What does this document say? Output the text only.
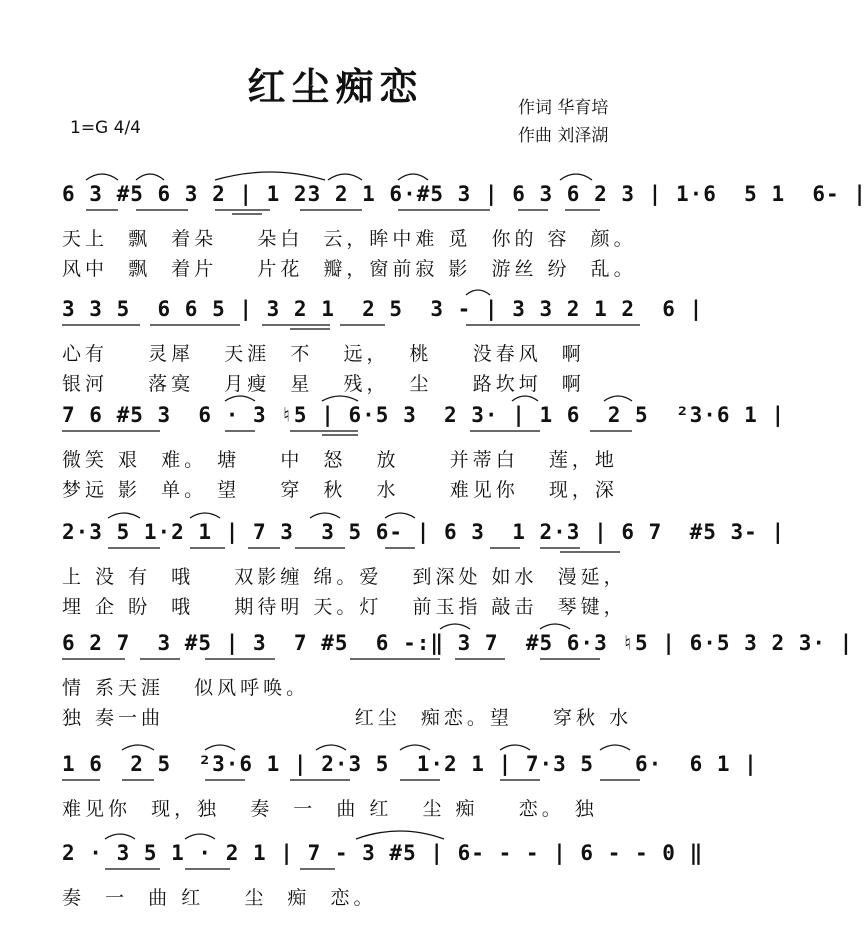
红尘痴恋
1=G 4/4
作词 华育培
作曲 刘泽湖
6 3 #5 6 3 2 | 1 23 2 1 6·#5 3 | 6 3 6 2 3 | 1·6  5 1  6- |
天上  飘  着朵    朵白  云，眸中难 觅  你的 容  颜。
风中  飘  着片    片花  瓣，窗前寂 影  游丝 纷  乱。
3 3 5  6 6 5 | 3 2 1  2 5  3 - | 3 3 2 1 2  6 |
心有    灵犀   天涯  不   远，  桃    没春风  啊
银河    落寞   月瘦  星   残，  尘    路坎坷  啊
7 6 #5 3  6 · 3 ♮5 | 6·5 3  2 3· | 1 6  2 5  ²3·6 1 |
微笑 艰  难。 塘    中  怒   放     并蒂白   莲，地
梦远 影  单。 望    穿  秋   水     难见你   现，深
2·3 5 1·2 1 | 7 3  3 5 6- | 6 3  1 2·3 | 6 7  #5 3- |
上 没 有  哦    双影缠 绵。爱   到深处 如水  漫延，
埋 企 盼  哦    期待明 天。灯   前玉指 敲击  琴键，
6 2 7  3 #5 | 3  7 #5  6 -:‖ 3 7  #5 6·3 ♮5 | 6·5 3 2 3· |
情 系天涯   似风呼唤。
独 奏一曲                   红尘  痴恋。望    穿秋 水
1 6  2 5  ²3·6 1 | 2·3 5  1·2 1 | 7·3 5   6·  6 1 |
难见你  现，独   奏  一  曲 红   尘 痴    恋。 独
2 · 3 5 1 · 2 1 | 7 - 3 #5 | 6- - - | 6 - - 0 ‖
奏  一  曲 红    尘  痴  恋。
